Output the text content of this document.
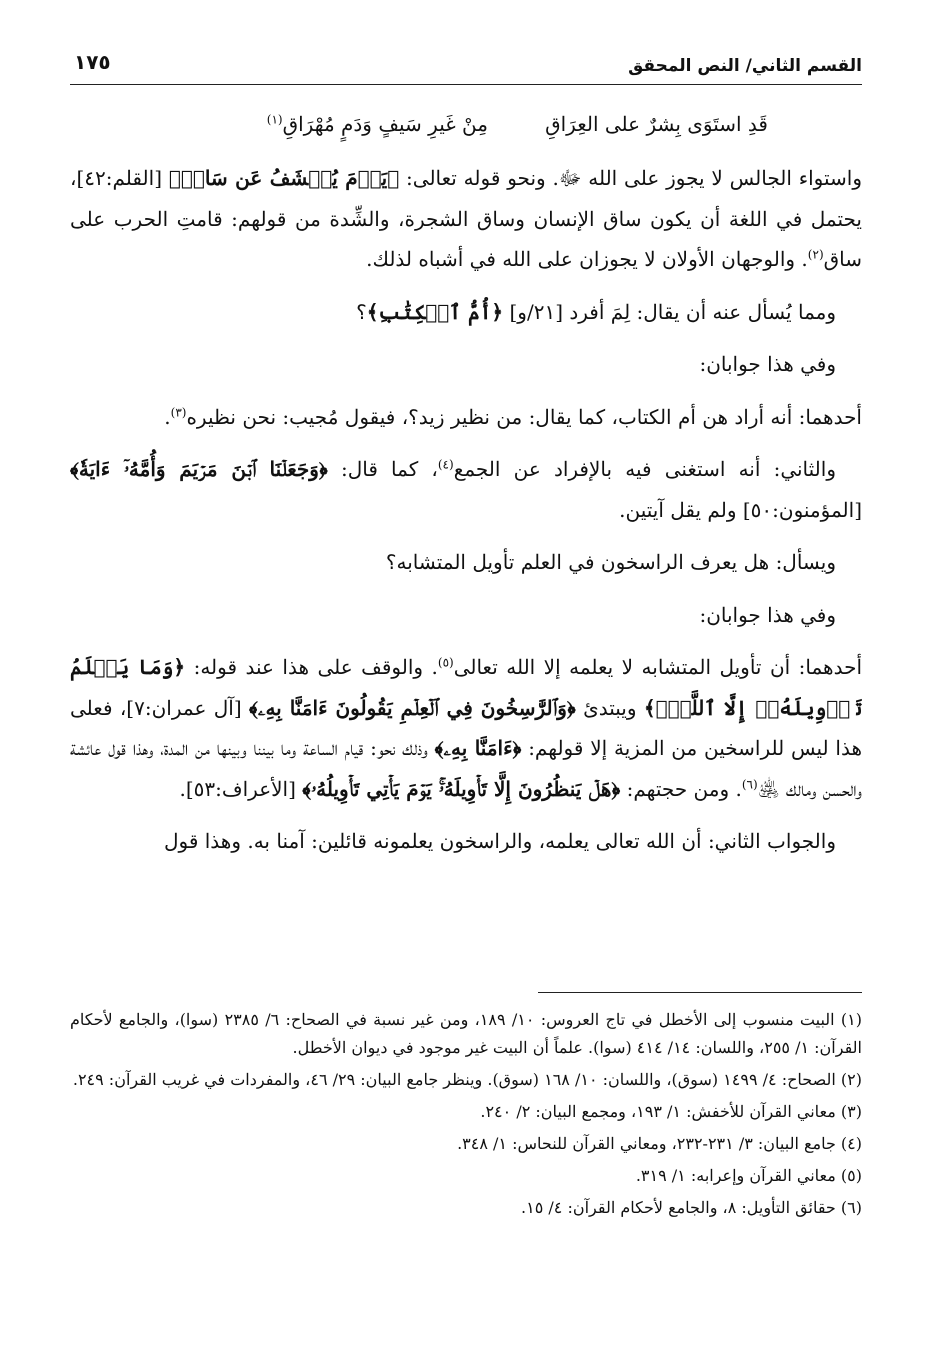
القسم الثاني/ النص المحقق
١٧٥
قَدِ استَوَى بِشرٌ على العِرَاقِ
مِنْ غَيرِ سَيفٍ وَدَمٍ مُهْرَاقِ$^{(١)}$

واستواء الجالس لا يجوز على الله ﷻ. ونحو قوله تعالى: ﴿يَوۡمَ يُكۡشَفُ عَن سَاقٖ﴾ [القلم:٤٢]، يحتمل في اللغة أن يكون ساق الإنسان وساق الشجرة، والشِّدة من قولهم: قامتِ الحرب على ساق$^{(٢)}$. والوجهان الأولان لا يجوزان على الله في أشباه لذلك.

ومما يُسأل عنه أن يقال: لِمَ أفرد [٢١/و] ﴿أُمُّ ٱلۡكِتَٰبِ﴾؟

وفي هذا جوابان:

أحدهما: أنه أراد هن أم الكتاب، كما يقال: من نظير زيد؟، فيقول مُجيب: نحن نظيره$^{(٣)}$.

والثاني: أنه استغنى فيه بالإفراد عن الجمع$^{(٤)}$، كما قال: ﴿وَجَعَلۡنَا ٱبۡنَ مَرۡيَمَ وَأُمَّهُۥٓ ءَايَةٗ﴾ [المؤمنون:٥٠] ولم يقل آيتين.

ويسأل: هل يعرف الراسخون في العلم تأويل المتشابه؟

وفي هذا جوابان:

أحدهما: أن تأويل المتشابه لا يعلمه إلا الله تعالى$^{(٥)}$. والوقف على هذا عند قوله: ﴿وَمَا يَعۡلَمُ تَأۡوِيلَهُۥٓ إِلَّا ٱللَّهُۗ﴾ ويبتدئ ﴿وَٱلرَّٰسِخُونَ فِي ٱلۡعِلۡمِ يَقُولُونَ ءَامَنَّا بِهِۦ﴾ [آل عمران:٧]، فعلى هذا ليس للراسخين من المزية إلا قولهم: ﴿ءَامَنَّا بِهِۦ﴾ وذلك نحو: قيام الساعة وما بيننا وبينها من المدة، وهذا قول عائشة والحسن ومالك ﵁$^{(٦)}$. ومن حجتهم: ﴿هَلۡ يَنظُرُونَ إِلَّا تَأۡوِيلَهُۥۚ يَوۡمَ يَأۡتِي تَأۡوِيلُهُۥ﴾ [الأعراف:٥٣].

والجواب الثاني: أن الله تعالى يعلمه، والراسخون يعلمونه قائلين: آمنا به. وهذا قول

(١) البيت منسوب إلى الأخطل في تاج العروس: ١٠/ ١٨٩، ومن غير نسبة في الصحاح: ٦/ ٢٣٨٥ (سوا)، والجامع لأحكام القرآن: ١/ ٢٥٥، واللسان: ١٤/ ٤١٤ (سوا). علماً أن البيت غير موجود في ديوان الأخطل.

(٢) الصحاح: ٤/ ١٤٩٩ (سوق)، واللسان: ١٠/ ١٦٨ (سوق). وينظر جامع البيان: ٢٩/ ٤٦، والمفردات في غريب القرآن: ٢٤٩.

(٣) معاني القرآن للأخفش: ١/ ١٩٣، ومجمع البيان: ٢/ ٢٤٠.

(٤) جامع البيان: ٣/ ٢٣١-٢٣٢، ومعاني القرآن للنحاس: ١/ ٣٤٨.

(٥) معاني القرآن وإعرابه: ١/ ٣١٩.

(٦) حقائق التأويل: ٨، والجامع لأحكام القرآن: ٤/ ١٥.
